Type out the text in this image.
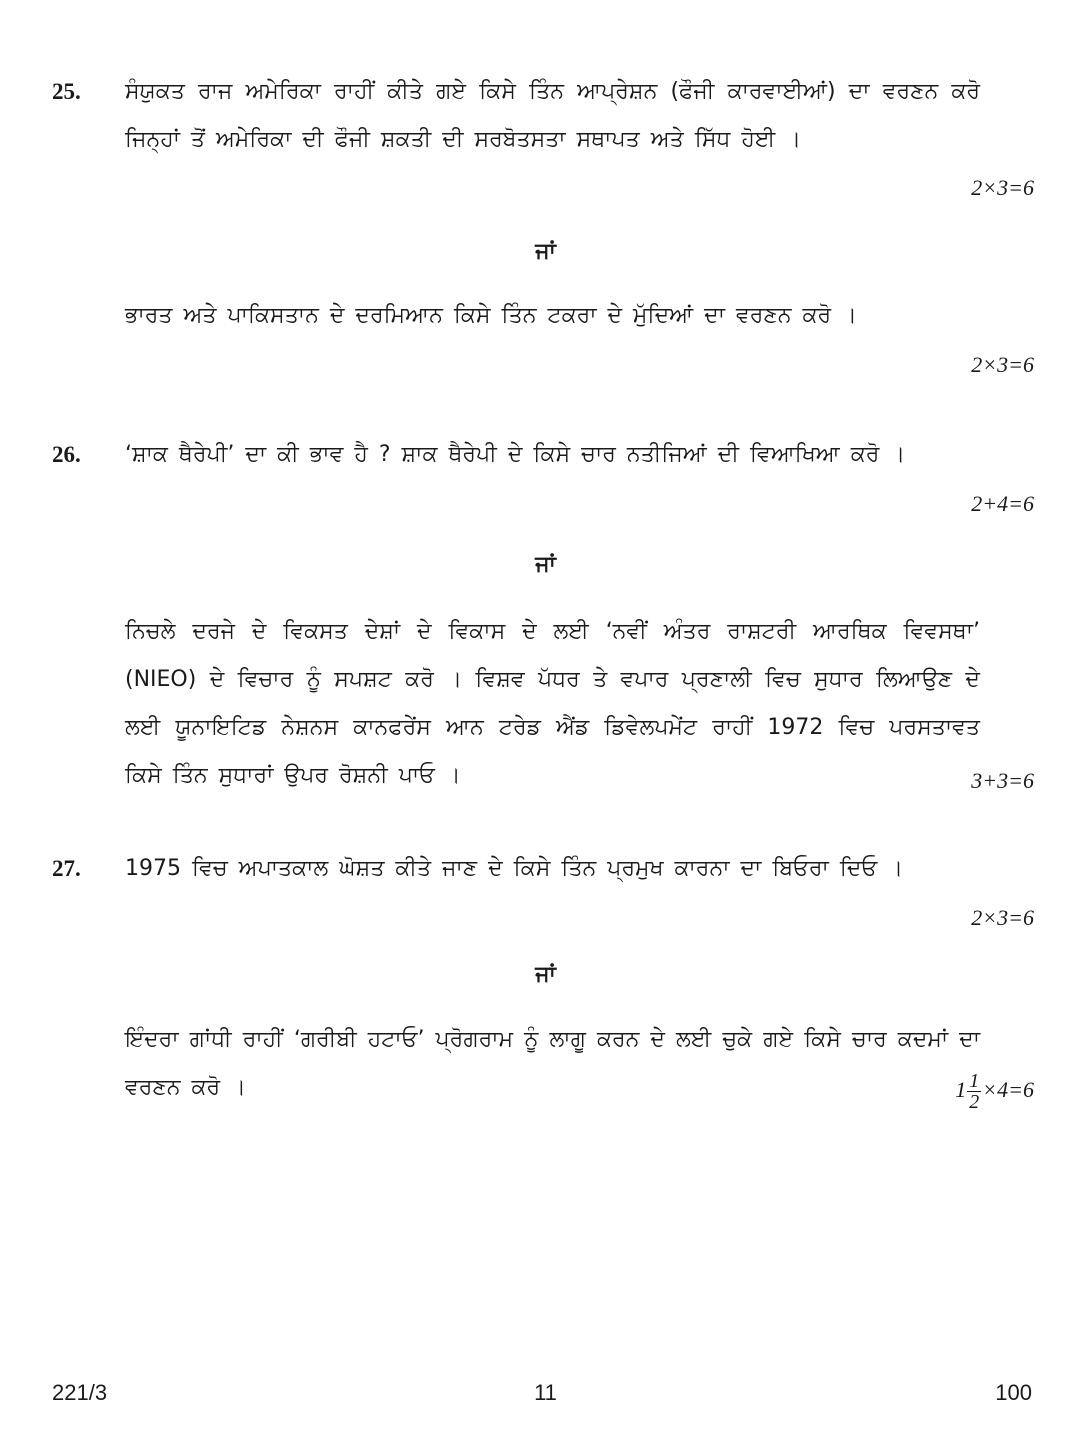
25. ਸੰਯੁਕਤ ਰਾਜ ਅਮੇਰਿਕਾ ਰਾਹੀਂ ਕੀਤੇ ਗਏ ਕਿਸੇ ਤਿੰਨ ਆਪ੍ਰੇਸ਼ਨ (ਫੌਜੀ ਕਾਰਵਾਈਆਂ) ਦਾ ਵਰਣਨ ਕਰੋ ਜਿਨ੍ਹਾਂ ਤੋਂ ਅਮੇਰਿਕਾ ਦੀ ਫੌਜੀ ਸ਼ਕਤੀ ਦੀ ਸਰਬੋਤਸਤਾ ਸਥਾਪਤ ਅਤੇ ਸਿੱਧ ਹੋਈ ।
2×3=6
ਜਾਂ
ਭਾਰਤ ਅਤੇ ਪਾਕਿਸਤਾਨ ਦੇ ਦਰਮਿਆਨ ਕਿਸੇ ਤਿੰਨ ਟਕਰਾ ਦੇ ਮੁੱਦਿਆਂ ਦਾ ਵਰਣਨ ਕਰੋ ।
2×3=6
26. ‘ਸ਼ਾਕ ਥੈਰੇਪੀ’ ਦਾ ਕੀ ਭਾਵ ਹੈ ? ਸ਼ਾਕ ਥੈਰੇਪੀ ਦੇ ਕਿਸੇ ਚਾਰ ਨਤੀਜਿਆਂ ਦੀ ਵਿਆਖਿਆ ਕਰੋ ।
2+4=6
ਜਾਂ
ਨਿਚਲੇ ਦਰਜੇ ਦੇ ਵਿਕਸਤ ਦੇਸ਼ਾਂ ਦੇ ਵਿਕਾਸ ਦੇ ਲਈ ‘ਨਵੀਂ ਅੰਤਰ ਰਾਸ਼ਟਰੀ ਆਰਥਿਕ ਵਿਵਸਥਾ’ (NIEO) ਦੇ ਵਿਚਾਰ ਨੂੰ ਸਪਸ਼ਟ ਕਰੋ । ਵਿਸ਼ਵ ਪੱਧਰ ਤੇ ਵਪਾਰ ਪ੍ਰਣਾਲੀ ਵਿਚ ਸੁਧਾਰ ਲਿਆਉਣ ਦੇ ਲਈ ਯੂਨਾਇਟਿਡ ਨੇਸ਼ਨਸ ਕਾਨਫਰੇਂਸ ਆਨ ਟਰੇਡ ਐਂਡ ਡਿਵੇਲਪਮੇਂਟ ਰਾਹੀਂ 1972 ਵਿਚ ਪਰਸਤਾਵਤ ਕਿਸੇ ਤਿੰਨ ਸੁਧਾਰਾਂ ਉਪਰ ਰੋਸ਼ਨੀ ਪਾਓ ।	3+3=6
27. 1975 ਵਿਚ ਅਪਾਤਕਾਲ ਘੋਸ਼ਤ ਕੀਤੇ ਜਾਣ ਦੇ ਕਿਸੇ ਤਿੰਨ ਪ੍ਰਮੁਖ ਕਾਰਨਾ ਦਾ ਬਿਓਰਾ ਦਿਓ ।
2×3=6
ਜਾਂ
ਇੰਦਰਾ ਗਾਂਧੀ ਰਾਹੀਂ ‘ਗਰੀਬੀ ਹਟਾਓ’ ਪ੍ਰੋਗਰਾਮ ਨੂੰ ਲਾਗੂ ਕਰਨ ਦੇ ਲਈ ਚੁਕੇ ਗਏ ਕਿਸੇ ਚਾਰ ਕਦਮਾਂ ਦਾ ਵਰਣਨ ਕਰੋ ।	$1 \frac{1}{2} \times 4=6$
221/3	11	100
